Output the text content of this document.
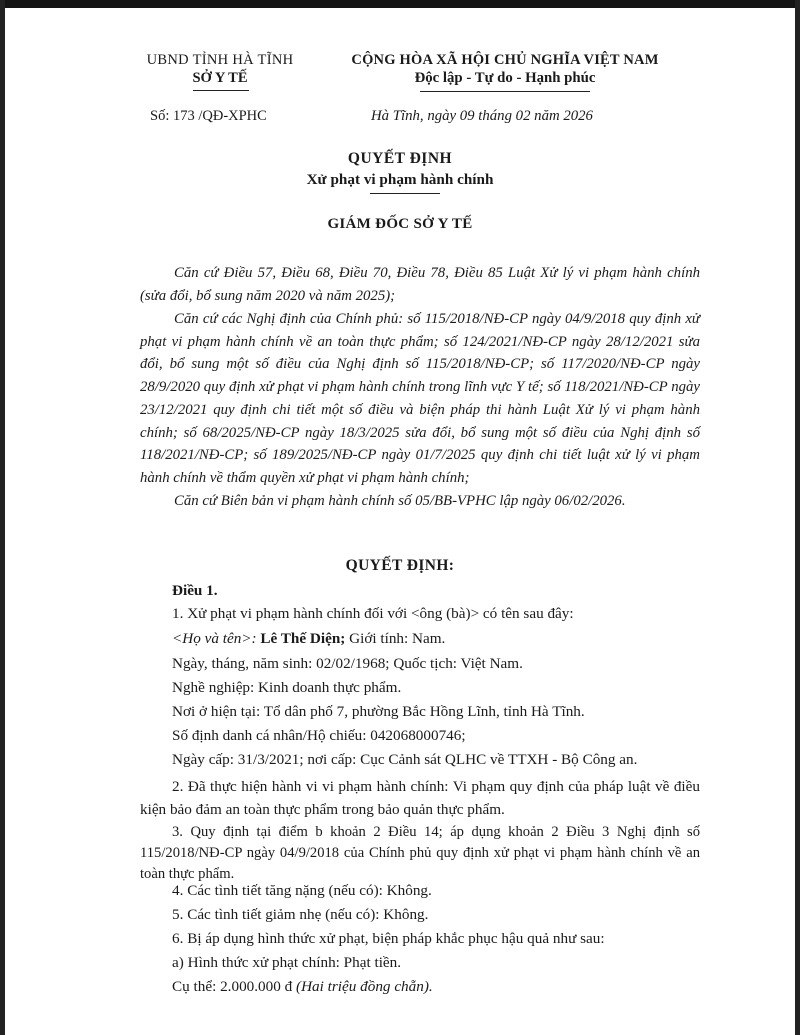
UBND TỈNH HÀ TĨNH
SỞ Y TẾ
CỘNG HÒA XÃ HỘI CHỦ NGHĨA VIỆT NAM
Độc lập - Tự do - Hạnh phúc
Số: 173 /QĐ-XPHC	Hà Tĩnh, ngày 09 tháng 02 năm 2026
QUYẾT ĐỊNH
Xử phạt vi phạm hành chính
GIÁM ĐỐC SỞ Y TẾ
Căn cứ Điều 57, Điều 68, Điều 70, Điều 78, Điều 85 Luật Xử lý vi phạm hành chính (sửa đổi, bổ sung năm 2020 và năm 2025);
Căn cứ các Nghị định của Chính phủ: số 115/2018/NĐ-CP ngày 04/9/2018 quy định xử phạt vi phạm hành chính về an toàn thực phẩm; số 124/2021/NĐ-CP ngày 28/12/2021 sửa đổi, bổ sung một số điều của Nghị định số 115/2018/NĐ-CP; số 117/2020/NĐ-CP ngày 28/9/2020 quy định xử phạt vi phạm hành chính trong lĩnh vực Y tế; số 118/2021/NĐ-CP ngày 23/12/2021 quy định chi tiết một số điều và biện pháp thi hành Luật Xử lý vi phạm hành chính; số 68/2025/NĐ-CP ngày 18/3/2025 sửa đổi, bổ sung một số điều của Nghị định số 118/2021/NĐ-CP; số 189/2025/NĐ-CP ngày 01/7/2025 quy định chi tiết luật xử lý vi phạm hành chính về thẩm quyền xử phạt vi phạm hành chính;
Căn cứ Biên bản vi phạm hành chính số 05/BB-VPHC lập ngày 06/02/2026.
QUYẾT ĐỊNH:
Điều 1.
1. Xử phạt vi phạm hành chính đối với <ông (bà)> có tên sau đây:
<Họ và tên>: Lê Thế Diện; Giới tính: Nam.
Ngày, tháng, năm sinh: 02/02/1968; Quốc tịch: Việt Nam.
Nghề nghiệp: Kinh doanh thực phẩm.
Nơi ở hiện tại: Tổ dân phố 7, phường Bắc Hồng Lĩnh, tỉnh Hà Tĩnh.
Số định danh cá nhân/Hộ chiếu: 042068000746;
Ngày cấp: 31/3/2021; nơi cấp: Cục Cảnh sát QLHC về TTXH - Bộ Công an.
2. Đã thực hiện hành vi vi phạm hành chính: Vi phạm quy định của pháp luật về điều kiện bảo đảm an toàn thực phẩm trong bảo quản thực phẩm.
3. Quy định tại điểm b khoản 2 Điều 14; áp dụng khoản 2 Điều 3 Nghị định số 115/2018/NĐ-CP ngày 04/9/2018 của Chính phủ quy định xử phạt vi phạm hành chính về an toàn thực phẩm.
4. Các tình tiết tăng nặng (nếu có): Không.
5. Các tình tiết giảm nhẹ (nếu có): Không.
6. Bị áp dụng hình thức xử phạt, biện pháp khắc phục hậu quả như sau:
a) Hình thức xử phạt chính: Phạt tiền.
Cụ thể: 2.000.000 đ (Hai triệu đồng chẵn).
